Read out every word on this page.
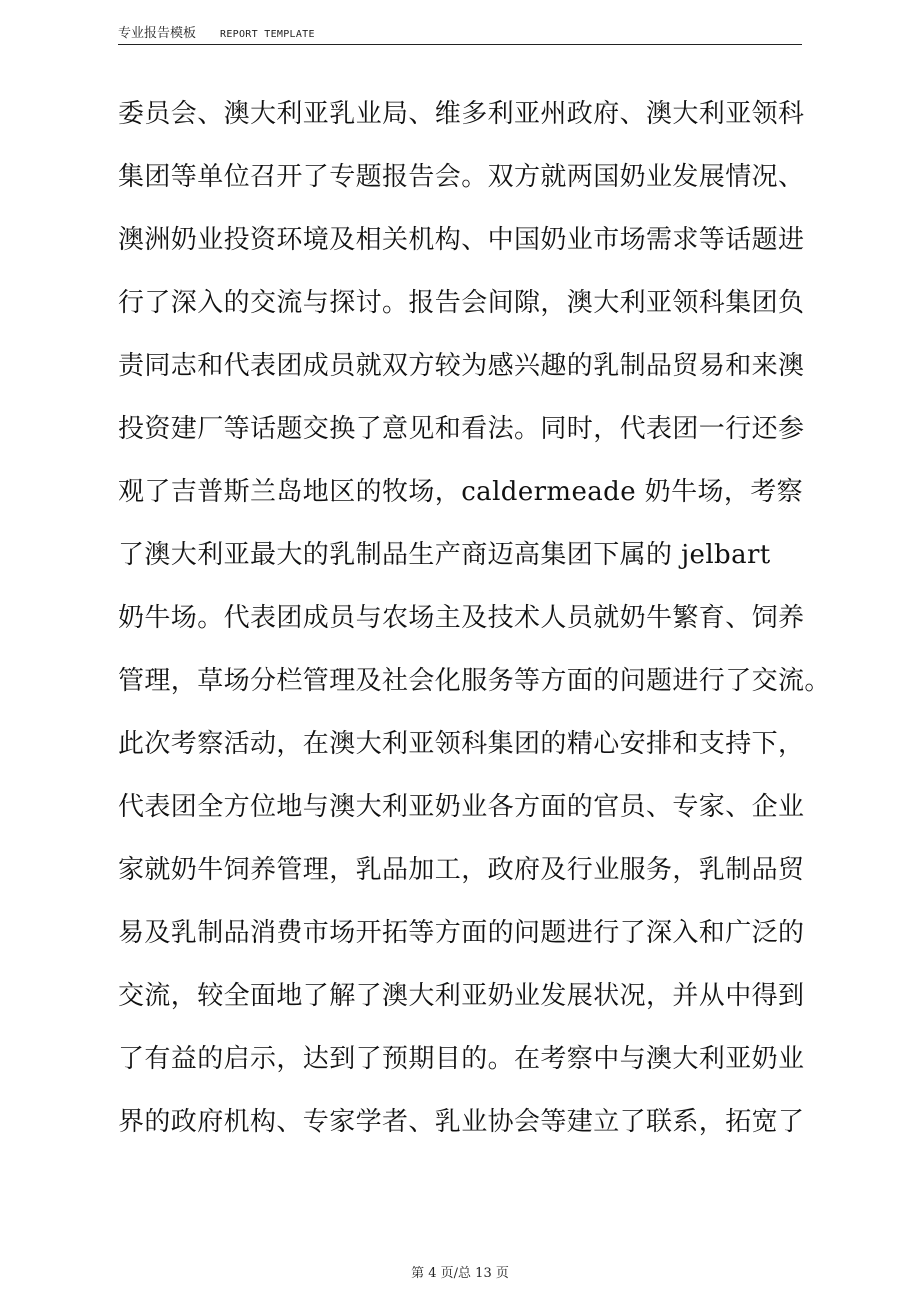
专业报告模板 REPORT TEMPLATE
委员会、澳大利亚乳业局、维多利亚州政府、澳大利亚领科
集团等单位召开了专题报告会。双方就两国奶业发展情况、
澳洲奶业投资环境及相关机构、中国奶业市场需求等话题进
行了深入的交流与探讨。报告会间隙，澳大利亚领科集团负
责同志和代表团成员就双方较为感兴趣的乳制品贸易和来澳
投资建厂等话题交换了意见和看法。同时，代表团一行还参
观了吉普斯兰岛地区的牧场，caldermeade 奶牛场，考察
了澳大利亚最大的乳制品生产商迈高集团下属的 jelbart
奶牛场。代表团成员与农场主及技术人员就奶牛繁育、饲养
管理，草场分栏管理及社会化服务等方面的问题进行了交流。
此次考察活动，在澳大利亚领科集团的精心安排和支持下，
代表团全方位地与澳大利亚奶业各方面的官员、专家、企业
家就奶牛饲养管理，乳品加工，政府及行业服务，乳制品贸
易及乳制品消费市场开拓等方面的问题进行了深入和广泛的
交流，较全面地了解了澳大利亚奶业发展状况，并从中得到
了有益的启示，达到了预期目的。在考察中与澳大利亚奶业
界的政府机构、专家学者、乳业协会等建立了联系，拓宽了
第 4 页/总 13 页
